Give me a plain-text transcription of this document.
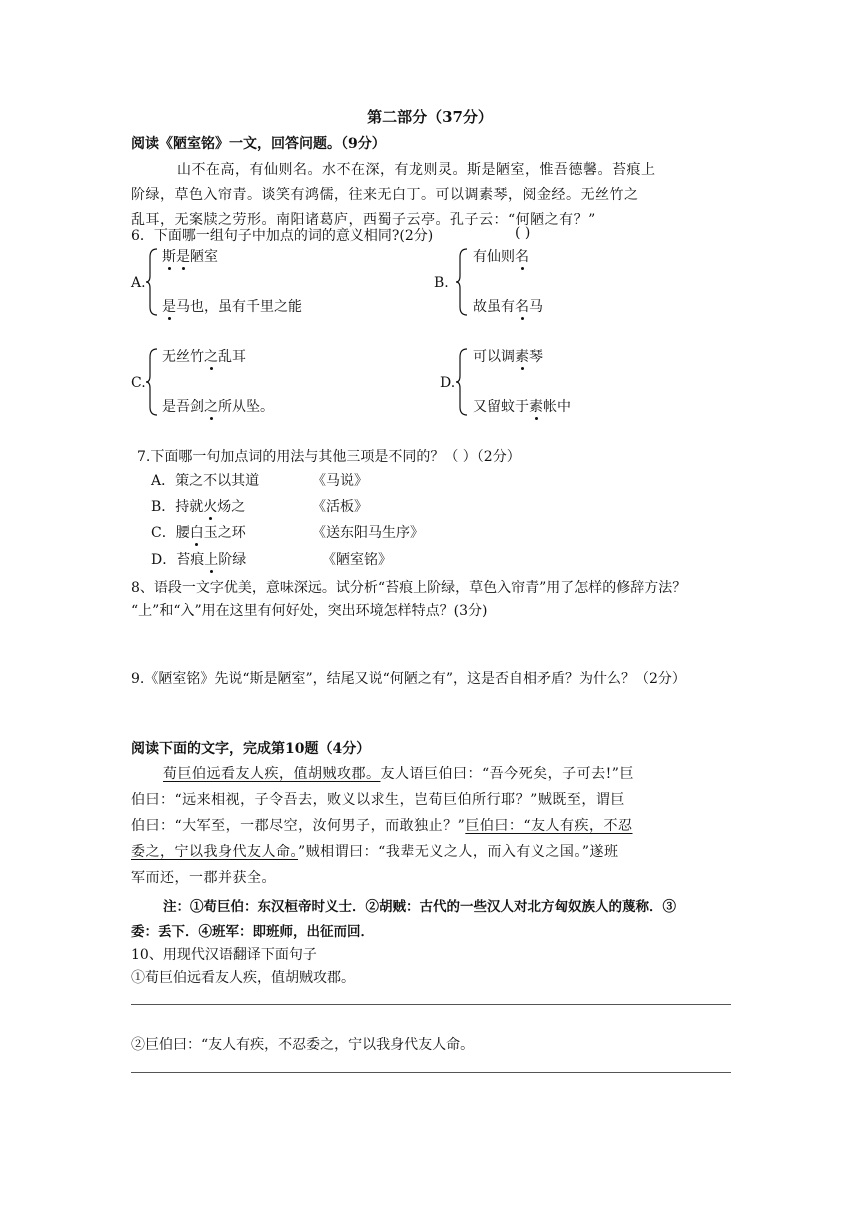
第二部分（37分）
阅读《陋室铭》一文，回答问题。（9分）
山不在高，有仙则名。水不在深，有龙则灵。斯是陋室，惟吾德馨。苔痕上
阶绿，草色入帘青。谈笑有鸿儒，往来无白丁。可以调素琴，阅金经。无丝竹之
乱耳，无案牍之劳形。南阳诸葛庐，西蜀子云亭。孔子云：“何陋之有？”
6．下面哪一组句子中加点的词的意义相同?(2分)	( )
A.
斯是陋室
是马也，虽有千里之能
B.
有仙则名
故虽有名马
C.
无丝竹之乱耳
是吾剑之所从坠。
D.
可以调素琴
又留蚊于素帐中
7.下面哪一句加点词的用法与其他三项是不同的？（ ）（2分）
A．策之不以其道	《马说》
B．持就火炀之	《活板》
C．腰白玉之环	《送东阳马生序》
D．苔痕上阶绿	《陋室铭》
8、语段一文字优美，意味深远。试分析“苔痕上阶绿，草色入帘青”用了怎样的修辞方法？
“上”和“入”用在这里有何好处，突出环境怎样特点？(3分)
9.《陋室铭》先说“斯是陋室”，结尾又说“何陋之有”，这是否自相矛盾？为什么？（2分）
阅读下面的文字，完成第10题（4分）
荀巨伯远看友人疾，值胡贼攻郡。友人语巨伯曰：“吾今死矣，子可去!”巨
伯曰：“远来相视，子令吾去，败义以求生，岂荀巨伯所行耶？”贼既至，谓巨
伯曰：“大军至，一郡尽空，汝何男子，而敢独止？”巨伯曰：“友人有疾，不忍
委之，宁以我身代友人命。”贼相谓曰：“我辈无义之人，而入有义之国。”遂班
军而还，一郡并获全。
注：①荀巨伯：东汉桓帝时义士．②胡贼：古代的一些汉人对北方匈奴族人的蔑称．③
委：丢下．④班军：即班师，出征而回．
10、用现代汉语翻译下面句子
①荀巨伯远看友人疾，值胡贼攻郡。
②巨伯曰：“友人有疾，不忍委之，宁以我身代友人命。
